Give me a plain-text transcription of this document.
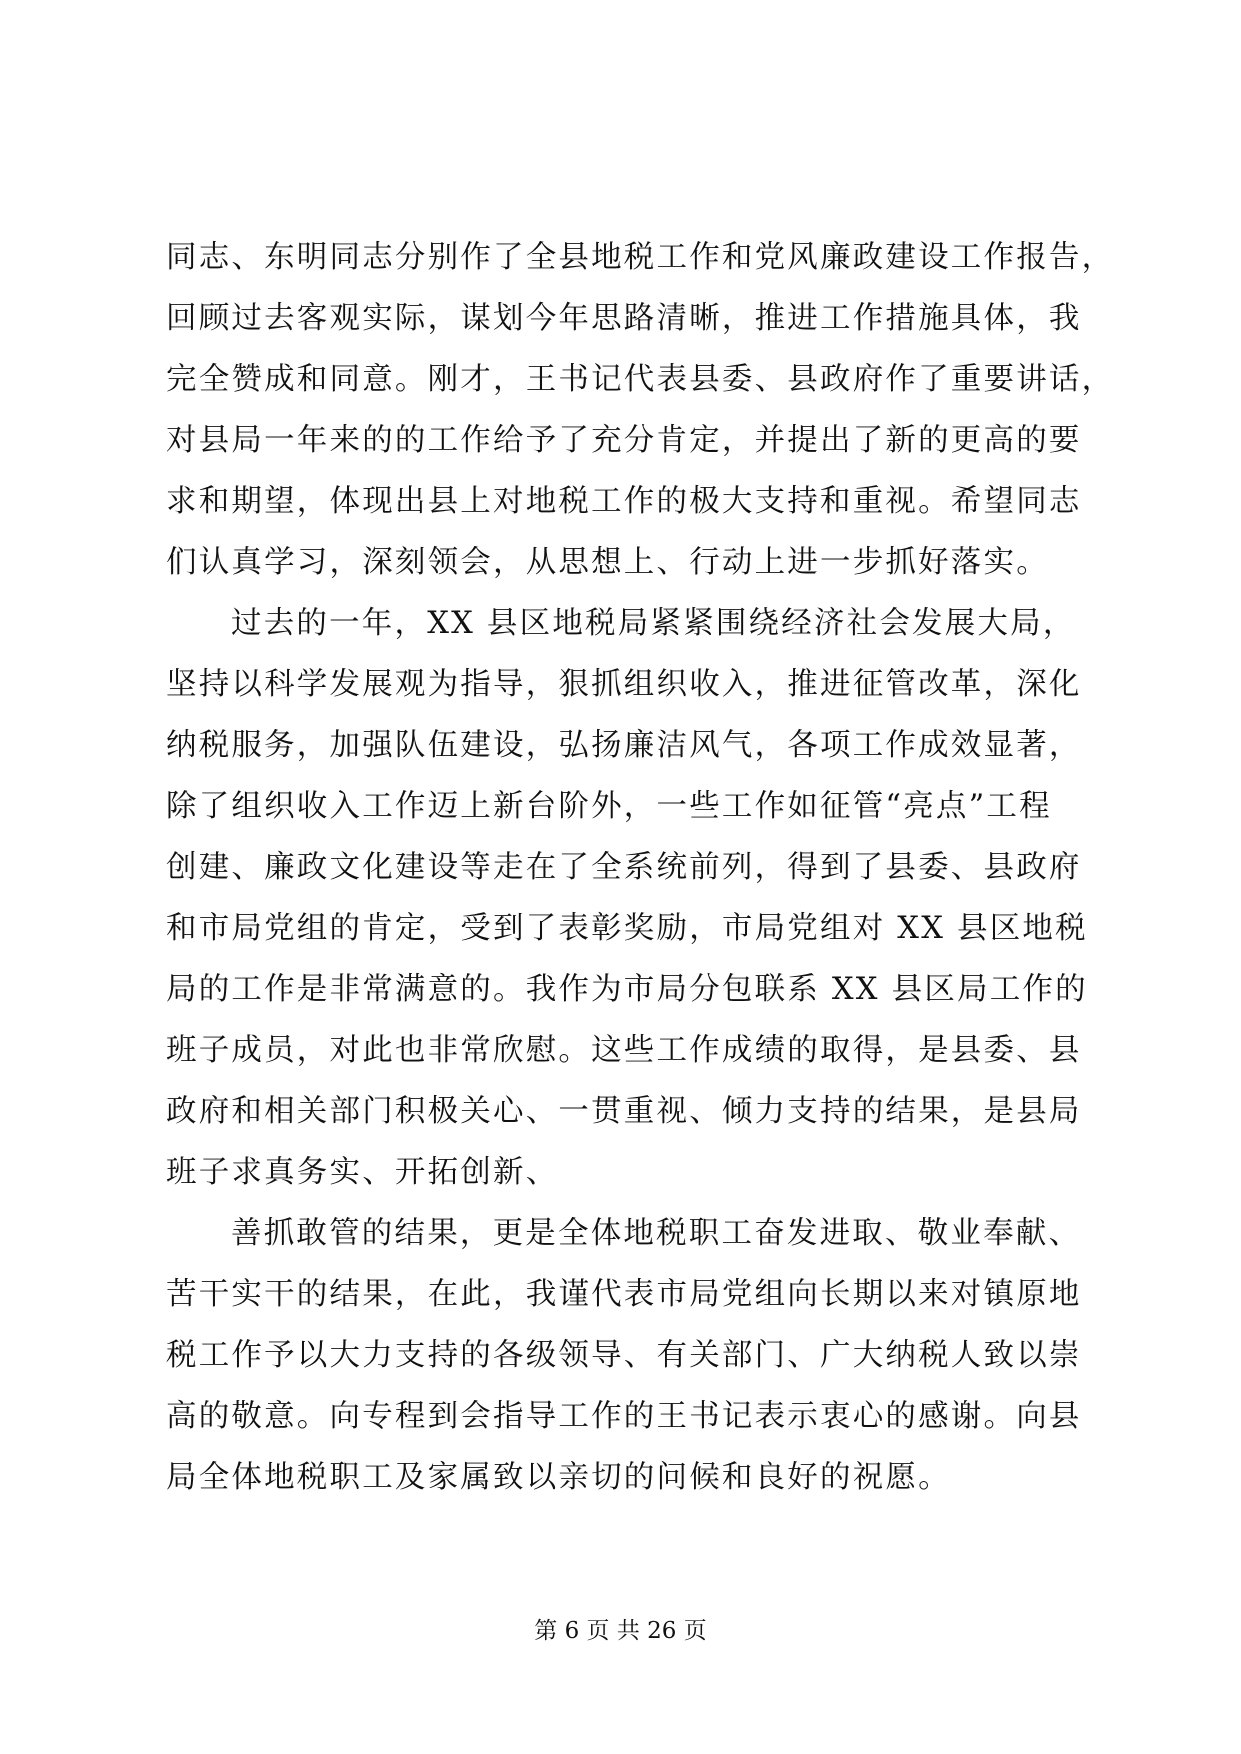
同志、东明同志分别作了全县地税工作和党风廉政建设工作报告，
回顾过去客观实际，谋划今年思路清晰，推进工作措施具体，我
完全赞成和同意。刚才，王书记代表县委、县政府作了重要讲话，
对县局一年来的的工作给予了充分肯定，并提出了新的更高的要
求和期望，体现出县上对地税工作的极大支持和重视。希望同志
们认真学习，深刻领会，从思想上、行动上进一步抓好落实。
过去的一年，XX 县区地税局紧紧围绕经济社会发展大局，
坚持以科学发展观为指导，狠抓组织收入，推进征管改革，深化
纳税服务，加强队伍建设，弘扬廉洁风气，各项工作成效显著，
除了组织收入工作迈上新台阶外，一些工作如征管“亮点”工程
创建、廉政文化建设等走在了全系统前列，得到了县委、县政府
和市局党组的肯定，受到了表彰奖励，市局党组对 XX 县区地税
局的工作是非常满意的。我作为市局分包联系 XX 县区局工作的
班子成员，对此也非常欣慰。这些工作成绩的取得，是县委、县
政府和相关部门积极关心、一贯重视、倾力支持的结果，是县局
班子求真务实、开拓创新、
善抓敢管的结果，更是全体地税职工奋发进取、敬业奉献、
苦干实干的结果，在此，我谨代表市局党组向长期以来对镇原地
税工作予以大力支持的各级领导、有关部门、广大纳税人致以崇
高的敬意。向专程到会指导工作的王书记表示衷心的感谢。向县
局全体地税职工及家属致以亲切的问候和良好的祝愿。
第 6 页 共 26 页
